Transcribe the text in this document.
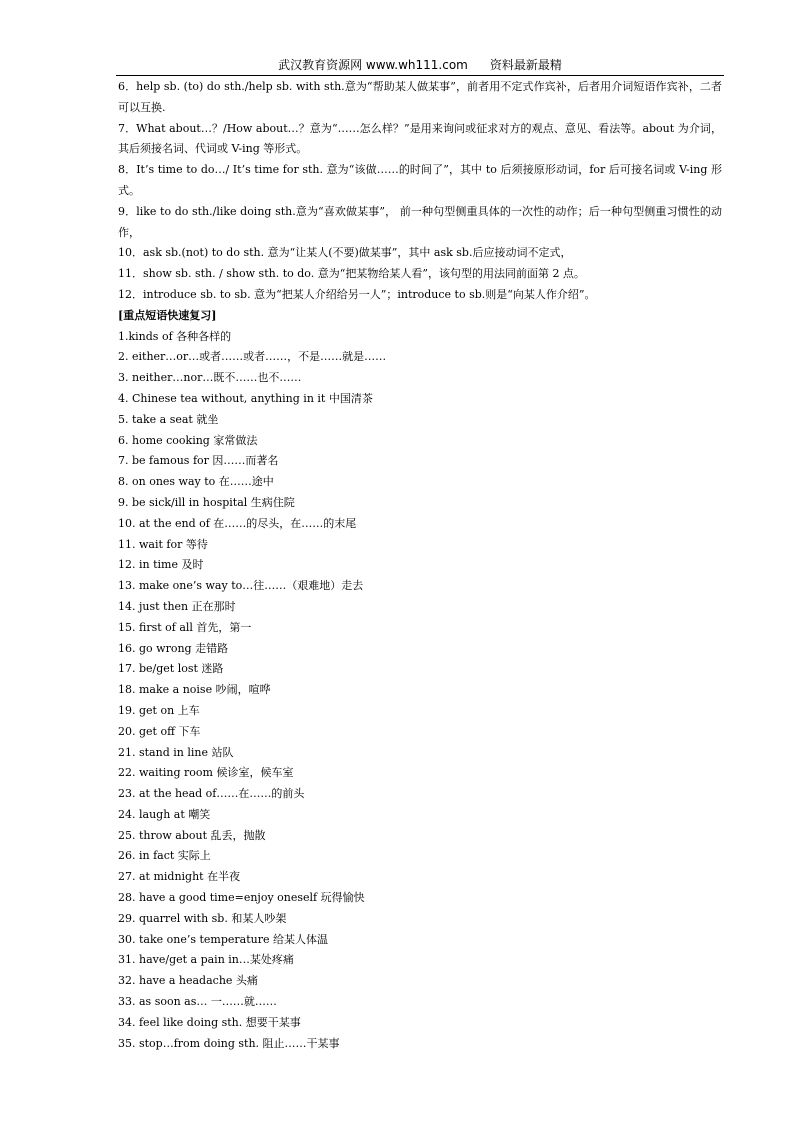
武汉教育资源网 www.wh111.com 资料最新最精

6．help sb. (to) do sth./help sb. with sth.意为“帮助某人做某事”，前者用不定式作宾补，后者用介词短语作宾补，二者可以互换.

7．What about…？/How about…？意为“……怎么样？”是用来询问或征求对方的观点、意见、看法等。about 为介词，其后须接名词、代词或 V-ing 等形式。

8．It’s time to do…/ It’s time for sth. 意为“该做……的时间了”，其中 to 后须接原形动词，for 后可接名词或 V-ing 形式。

9．like to do sth./like doing sth.意为“喜欢做某事”， 前一种句型侧重具体的一次性的动作；后一种句型侧重习惯性的动作，

10．ask sb.(not) to do sth. 意为“让某人(不要)做某事”，其中 ask sb.后应接动词不定式，

11．show sb. sth. / show sth. to do. 意为“把某物给某人看”，该句型的用法同前面第 2 点。

12．introduce sb. to sb. 意为“把某人介绍给另一人”；introduce to sb.则是“向某人作介绍”。

[重点短语快速复习]

1.kinds of 各种各样的

2. either…or…或者……或者……，不是……就是……

3. neither…nor…既不……也不……

4. Chinese tea without, anything in it 中国清茶

5. take a seat 就坐

6. home cooking 家常做法

7. be famous for 因……而著名

8. on ones way to 在……途中

9. be sick/ill in hospital 生病住院

10. at the end of 在……的尽头，在……的末尾

11. wait for 等待

12. in time 及时

13. make one’s way to…往……（艰难地）走去

14. just then 正在那时

15. first of all 首先，第一

16. go wrong 走错路

17. be/get lost 迷路

18. make a noise 吵闹，喧哗

19. get on 上车

20. get off 下车

21. stand in line 站队

22. waiting room 候诊室，候车室

23. at the head of……在……的前头

24. laugh at 嘲笑

25. throw about 乱丢，抛散

26. in fact 实际上

27. at midnight 在半夜

28. have a good time=enjoy oneself 玩得愉快

29. quarrel with sb. 和某人吵架

30. take one’s temperature 给某人体温

31. have/get a pain in…某处疼痛

32. have a headache 头痛

33. as soon as… 一……就……

34. feel like doing sth. 想要干某事

35. stop…from doing sth. 阻止……干某事
